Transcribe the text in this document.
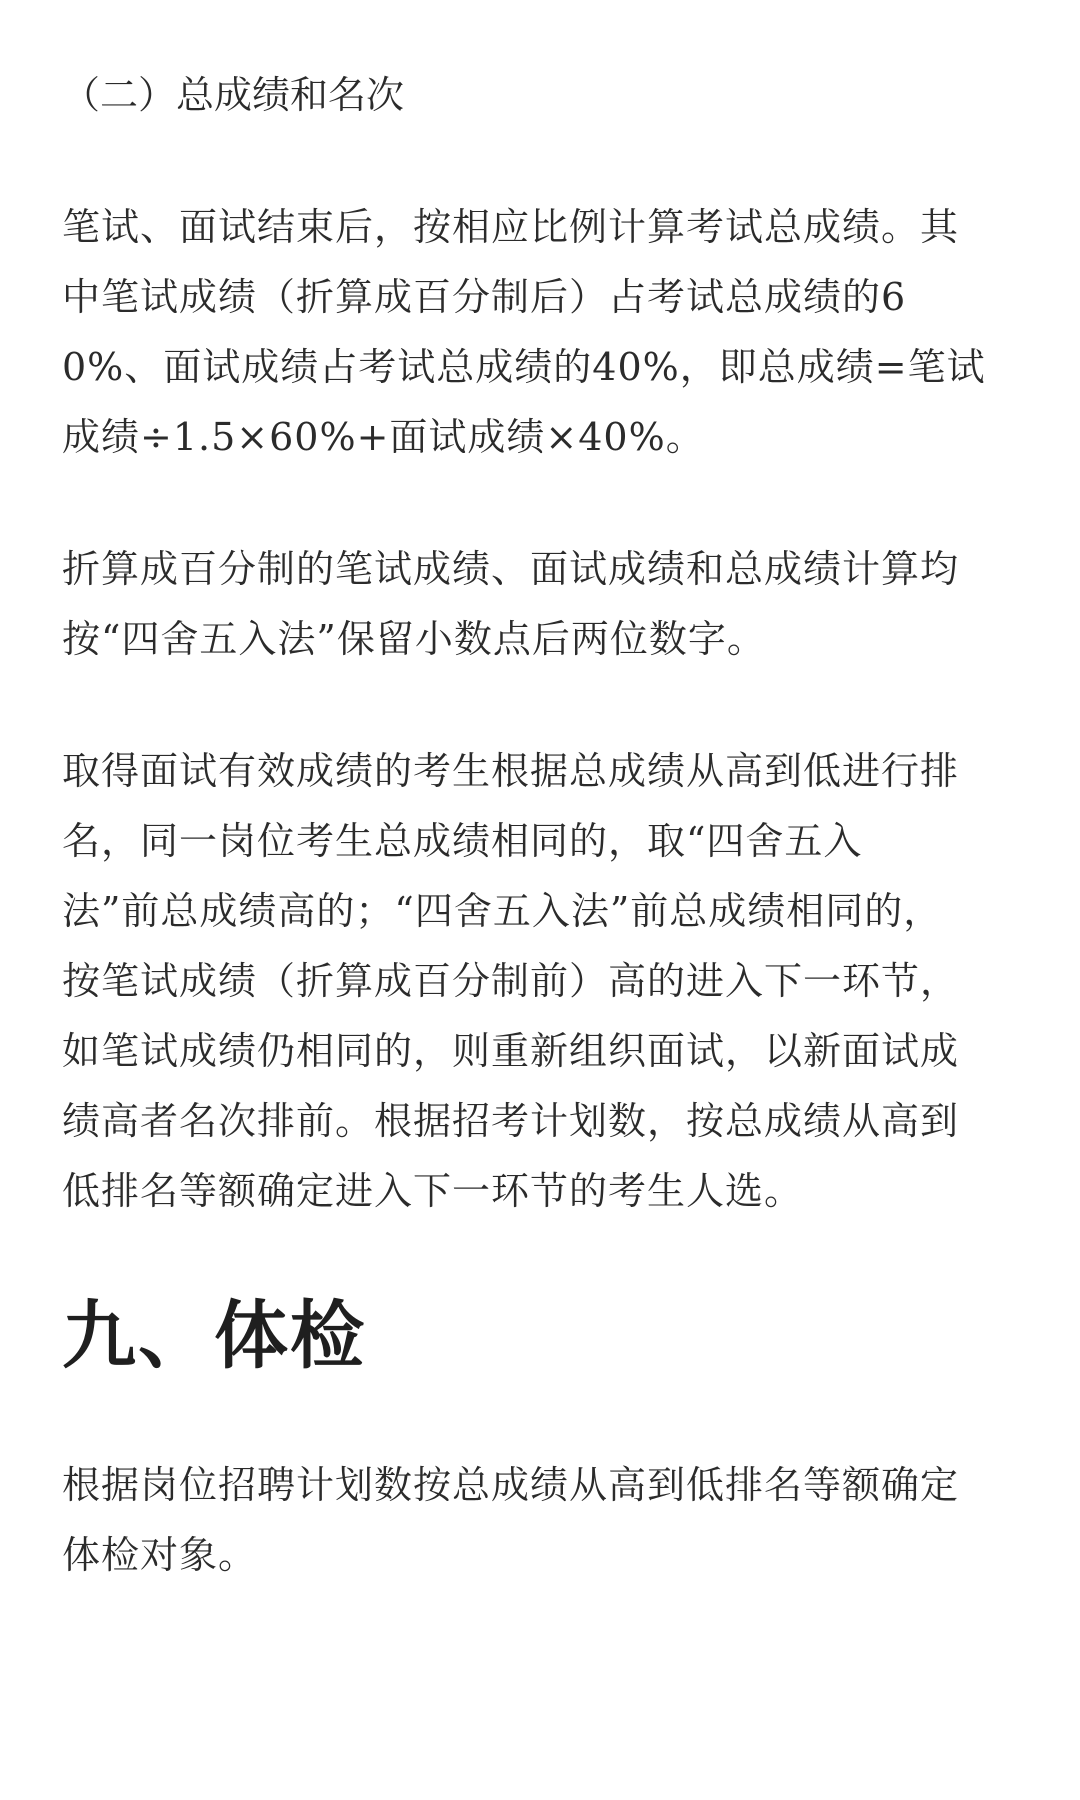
（二）总成绩和名次

笔试、面试结束后，按相应比例计算考试总成绩。其
中笔试成绩（折算成百分制后）占考试总成绩的6
0%、面试成绩占考试总成绩的40%，即总成绩=笔试
成绩÷1.5×60%+面试成绩×40%。

折算成百分制的笔试成绩、面试成绩和总成绩计算均
按“四舍五入法”保留小数点后两位数字。

取得面试有效成绩的考生根据总成绩从高到低进行排
名，同一岗位考生总成绩相同的，取“四舍五入
法”前总成绩高的；“四舍五入法”前总成绩相同的，
按笔试成绩（折算成百分制前）高的进入下一环节，
如笔试成绩仍相同的，则重新组织面试，以新面试成
绩高者名次排前。根据招考计划数，按总成绩从高到
低排名等额确定进入下一环节的考生人选。

九、体检

根据岗位招聘计划数按总成绩从高到低排名等额确定
体检对象。
